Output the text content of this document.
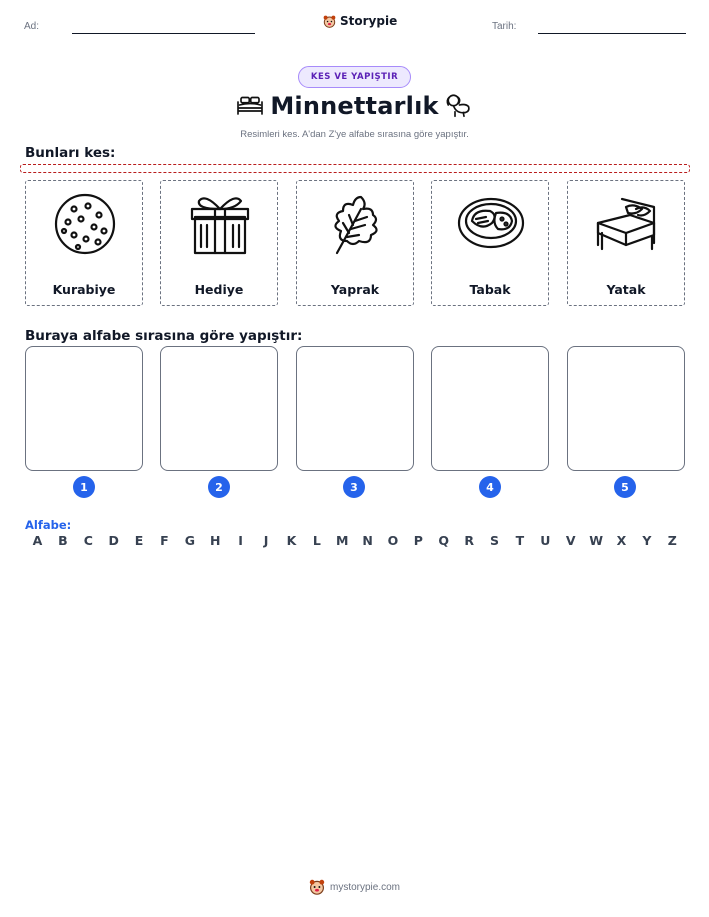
Ad:	Storypie	Tarih:
KES VE YAPIŞTIR
Minnettarlık
Resimleri kes. A'dan Z'ye alfabe sırasına göre yapıştır.
Bunları kes:
Kurabiye	Hediye	Yaprak	Tabak	Yatak
Buraya alfabe sırasına göre yapıştır:
1	2	3	4	5
Alfabe:
A	B	C	D	E	F	G	H	I	J	K	L	M	N	O	P	Q	R	S	T	U	V	W	X	Y	Z
mystorypie.com
